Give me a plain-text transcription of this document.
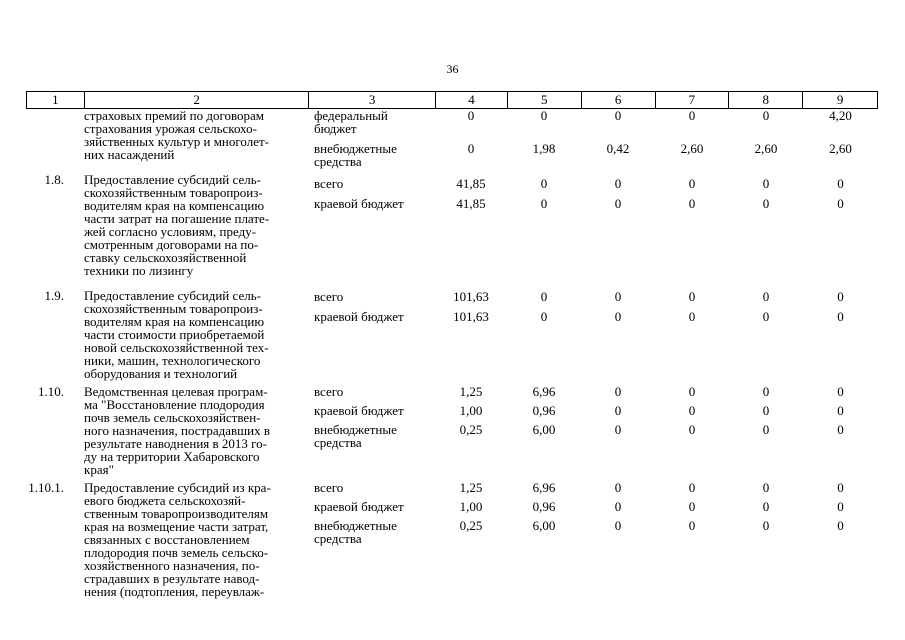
36
1	2	3	4	5	6	7	8	9
страховых премий по договорам
страхования урожая сельскохо-
зяйственных культур и многолет-
них насаждений
федеральный
бюджет
0	0	0	0	0	4,20
внебюджетные
средства
0	1,98	0,42	2,60	2,60	2,60
1.8. Предоставление субсидий сель-
скохозяйственным товаропроиз-
водителям края на компенсацию
части затрат на погашение плате-
жей согласно условиям, преду-
смотренным договорами на по-
ставку сельскохозяйственной
техники по лизингу
всего	41,85	0	0	0	0	0
краевой бюджет	41,85	0	0	0	0	0
1.9. Предоставление субсидий сель-
скохозяйственным товаропроиз-
водителям края на компенсацию
части стоимости приобретаемой
новой сельскохозяйственной тех-
ники, машин, технологического
оборудования и технологий
всего	101,63	0	0	0	0	0
краевой бюджет	101,63	0	0	0	0	0
1.10. Ведомственная целевая програм-
ма "Восстановление плодородия
почв земель сельскохозяйствен-
ного назначения, пострадавших в
результате наводнения в 2013 го-
ду на территории Хабаровского
края"
всего	1,25	6,96	0	0	0	0
краевой бюджет	1,00	0,96	0	0	0	0
внебюджетные
средства
0,25	6,00	0	0	0	0
1.10.1. Предоставление субсидий из кра-
евого бюджета сельскохозяй-
ственным товаропроизводителям
края на возмещение части затрат,
связанных с восстановлением
плодородия почв земель сельско-
хозяйственного назначения, по-
страдавших в результате навод-
нения (подтопления, переувлаж-
всего	1,25	6,96	0	0	0	0
краевой бюджет	1,00	0,96	0	0	0	0
внебюджетные
средства
0,25	6,00	0	0	0	0
